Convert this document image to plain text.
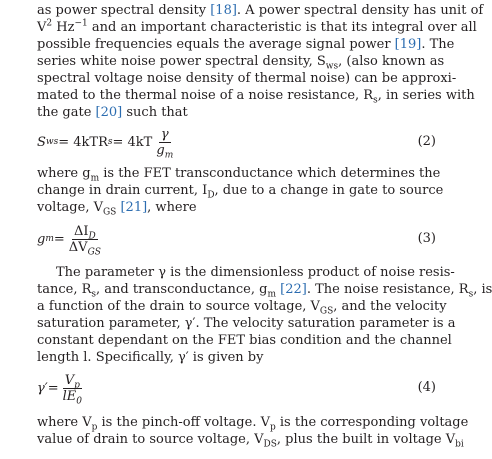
as power spectral density [18]. A power spectral density has unit of
$V^2$ $Hz^{-1}$ and an important characteristic is that its integral over all
possible frequencies equals the average signal power [19]. The
series white noise power spectral density, $S_{ws}$, (also known as
spectral voltage noise density of thermal noise) can be approxi-
mated to the thermal noise of a noise resistance, $R_s$, in series with
the gate [20] such that
S ws = 4kTR $s = 4kT \frac{\gamma}{g_m}$	(2)
where $g_m$ is the FET transconductance which determines the
change in drain current, $I_D$, due to a change in gate to source
voltage, $V_{GS}$ [21], where
g $m = \frac{\Delta I_D}{\Delta V_{GS}}$	(3)
The parameter γ is the dimensionless product of noise resis-
tance, $R_s$, and transconductance, $g_m$ [22]. The noise resistance, $R_s$, is
a function of the drain to source voltage, $V_{GS}$, and the velocity
saturation parameter, γ′. The velocity saturation parameter is a
constant dependant on the FET bias condition and the channel
length l. Specifically, γ′ is given by
$\gamma' = \frac{V_p}{lE_0}$	(4)
where $V_p$ is the pinch-off voltage. $V_p$ is the corresponding voltage
value of drain to source voltage, $V_{DS}$, plus the built in voltage $V_{bi}$
